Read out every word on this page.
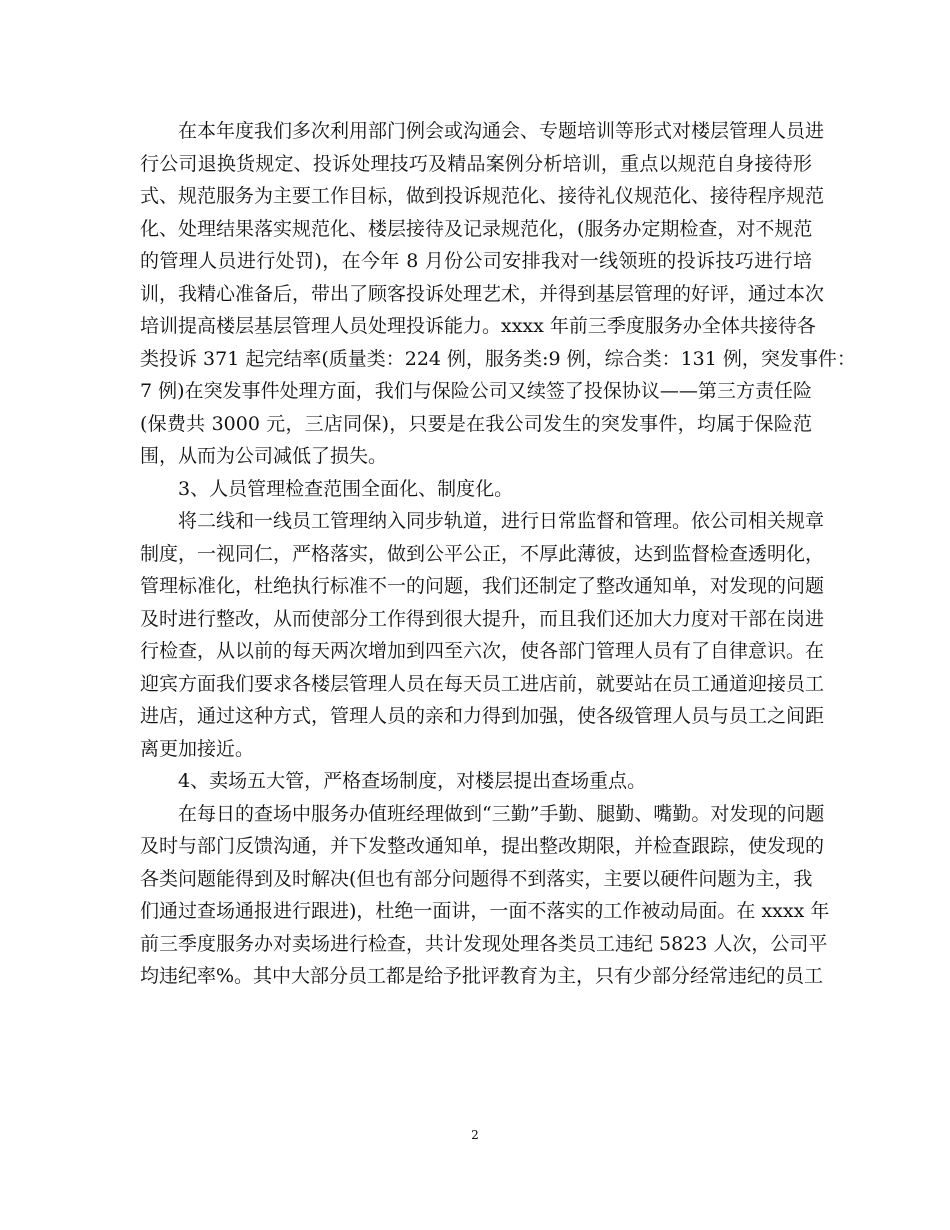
在本年度我们多次利用部门例会或沟通会、专题培训等形式对楼层管理人员进
行公司退换货规定、投诉处理技巧及精品案例分析培训，重点以规范自身接待形
式、规范服务为主要工作目标，做到投诉规范化、接待礼仪规范化、接待程序规范
化、处理结果落实规范化、楼层接待及记录规范化，(服务办定期检查，对不规范
的管理人员进行处罚)，在今年 8 月份公司安排我对一线领班的投诉技巧进行培
训，我精心准备后，带出了顾客投诉处理艺术，并得到基层管理的好评，通过本次
培训提高楼层基层管理人员处理投诉能力。xxxx 年前三季度服务办全体共接待各
类投诉 371 起完结率(质量类：224 例，服务类:9 例，综合类：131 例，突发事件：
7 例)在突发事件处理方面，我们与保险公司又续签了投保协议——第三方责任险
(保费共 3000 元，三店同保)，只要是在我公司发生的突发事件，均属于保险范
围，从而为公司减低了损失。
3、人员管理检查范围全面化、制度化。
将二线和一线员工管理纳入同步轨道，进行日常监督和管理。依公司相关规章
制度，一视同仁，严格落实，做到公平公正，不厚此薄彼，达到监督检查透明化，
管理标准化，杜绝执行标准不一的问题，我们还制定了整改通知单，对发现的问题
及时进行整改，从而使部分工作得到很大提升，而且我们还加大力度对干部在岗进
行检查，从以前的每天两次增加到四至六次，使各部门管理人员有了自律意识。在
迎宾方面我们要求各楼层管理人员在每天员工进店前，就要站在员工通道迎接员工
进店，通过这种方式，管理人员的亲和力得到加强，使各级管理人员与员工之间距
离更加接近。
4、卖场五大管，严格查场制度，对楼层提出查场重点。
在每日的查场中服务办值班经理做到“三勤”手勤、腿勤、嘴勤。对发现的问题
及时与部门反馈沟通，并下发整改通知单，提出整改期限，并检查跟踪，使发现的
各类问题能得到及时解决(但也有部分问题得不到落实，主要以硬件问题为主，我
们通过查场通报进行跟进)，杜绝一面讲，一面不落实的工作被动局面。在 xxxx 年
前三季度服务办对卖场进行检查，共计发现处理各类员工违纪 5823 人次，公司平
均违纪率%。其中大部分员工都是给予批评教育为主，只有少部分经常违纪的员工
2
